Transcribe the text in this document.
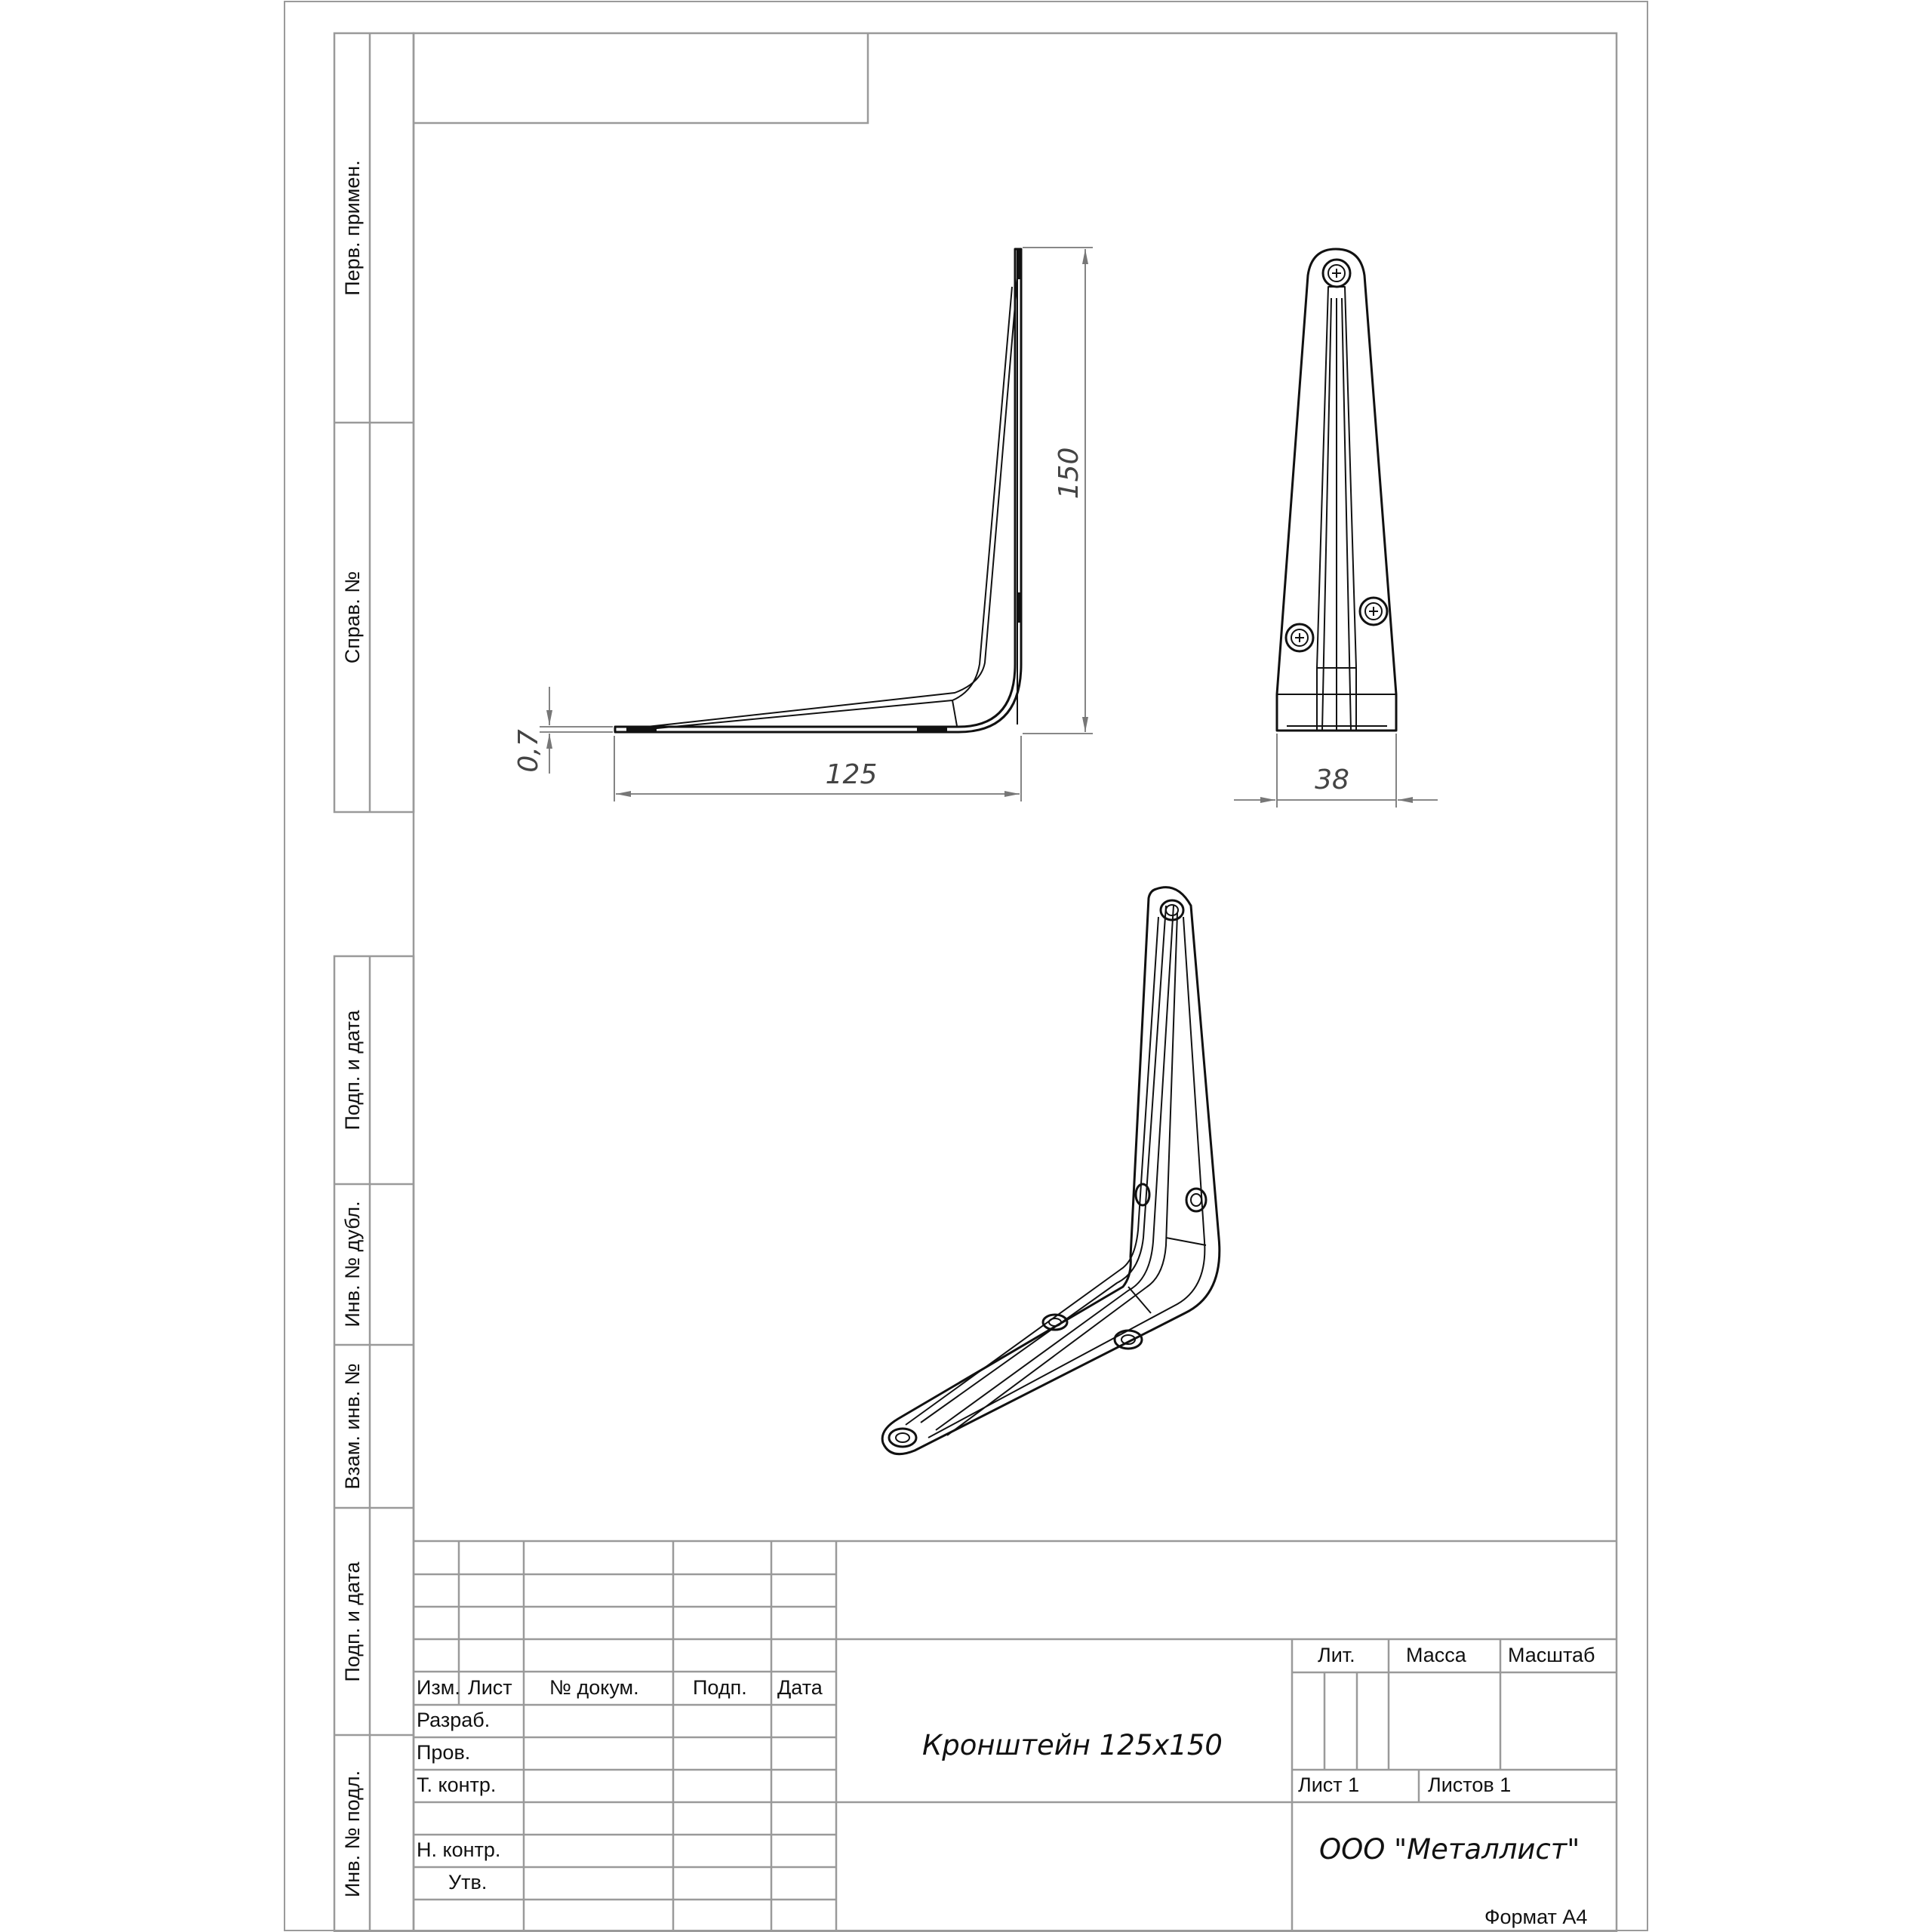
Перв. примен.
Справ. №
Подп. и дата
Инв. № дубл.
Взам. инв. №
Подп. и дата
Инв. № подл.
150
125
0,7
38
Изм. Лист № докум.	Подп. Дата
Разраб.
Пров.
Т. контр.
Н. контр.
Утв.
Лит. Масса Масштаб
Кронштейн 125x150
Лист 1	Листов 1
ООО "Металлист"
Формат А4
